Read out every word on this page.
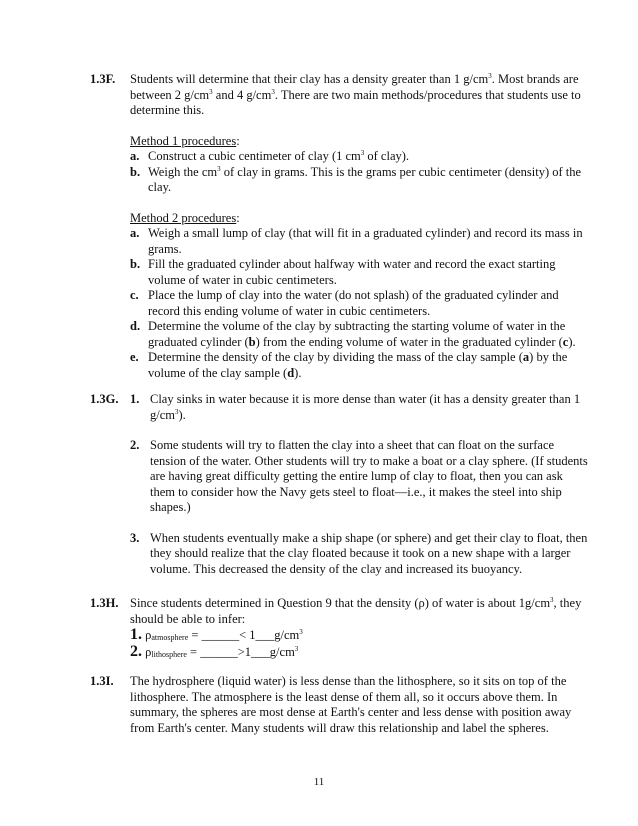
1.3F. Students will determine that their clay has a density greater than 1 $g/cm^3$. Most brands are between 2 $g/cm^3$ and 4 $g/cm^3$. There are two main methods/procedures that students use to determine this.
Method 1 procedures:
a. Construct a cubic centimeter of clay (1 $cm^3$ of clay).
b. Weigh the $cm^3$ of clay in grams. This is the grams per cubic centimeter (density) of the clay.
Method 2 procedures:
a. Weigh a small lump of clay (that will fit in a graduated cylinder) and record its mass in grams.
b. Fill the graduated cylinder about halfway with water and record the exact starting volume of water in cubic centimeters.
c. Place the lump of clay into the water (do not splash) of the graduated cylinder and record this ending volume of water in cubic centimeters.
d. Determine the volume of the clay by subtracting the starting volume of water in the graduated cylinder (b) from the ending volume of water in the graduated cylinder (c).
e. Determine the density of the clay by dividing the mass of the clay sample (a) by the volume of the clay sample (d).
1.3G. 1. Clay sinks in water because it is more dense than water (it has a density greater than 1 $g/cm^3$).
2. Some students will try to flatten the clay into a sheet that can float on the surface tension of the water. Other students will try to make a boat or a clay sphere. (If students are having great difficulty getting the entire lump of clay to float, then you can ask them to consider how the Navy gets steel to float—i.e., it makes the steel into ship shapes.)
3. When students eventually make a ship shape (or sphere) and get their clay to float, then they should realize that the clay floated because it took on a new shape with a larger volume. This decreased the density of the clay and increased its buoyancy.
1.3H. Since students determined in Question 9 that the density (ρ) of water is about $1g/cm^3$, they should be able to infer:
1. $\rho_{atmosphere}$ = ______< $1\_\_\_g/cm^3$
2. $\rho_{lithosphere}$ = $\_\_\_\_\_\_>1\_\_\_g/cm^3$
1.3I. The hydrosphere (liquid water) is less dense than the lithosphere, so it sits on top of the lithosphere. The atmosphere is the least dense of them all, so it occurs above them. In summary, the spheres are most dense at Earth's center and less dense with position away from Earth's center. Many students will draw this relationship and label the spheres.
11
